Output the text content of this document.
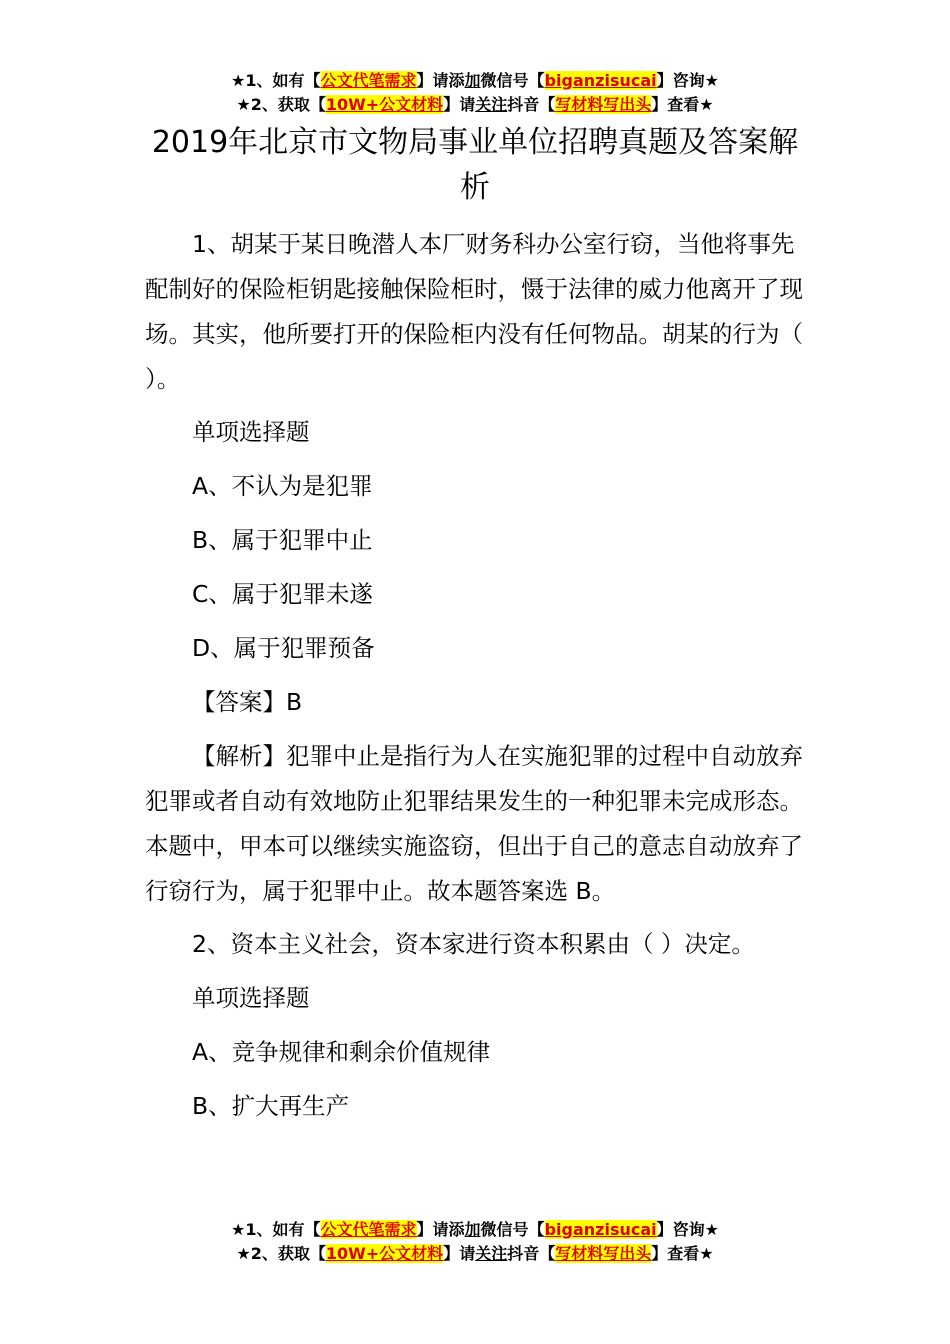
★1、如有【公文代笔需求】请添加微信号【biganzisucai】咨询★
★2、获取【10W+公文材料】请关注抖音【写材料写出头】查看★
2019年北京市文物局事业单位招聘真题及答案解析

1、胡某于某日晚潜人本厂财务科办公室行窃，当他将事先配制好的保险柜钥匙接触保险柜时，慑于法律的威力他离开了现场。其实，他所要打开的保险柜内没有任何物品。胡某的行为（ ）。

单项选择题

A、不认为是犯罪

B、属于犯罪中止

C、属于犯罪未遂

D、属于犯罪预备

【答案】B

【解析】犯罪中止是指行为人在实施犯罪的过程中自动放弃犯罪或者自动有效地防止犯罪结果发生的一种犯罪未完成形态。本题中，甲本可以继续实施盗窃，但出于自己的意志自动放弃了行窃行为，属于犯罪中止。故本题答案选 B。

2、资本主义社会，资本家进行资本积累由（ ）决定。

单项选择题

A、竞争规律和剩余价值规律

B、扩大再生产

★1、如有【公文代笔需求】请添加微信号【biganzisucai】咨询★
★2、获取【10W+公文材料】请关注抖音【写材料写出头】查看★
